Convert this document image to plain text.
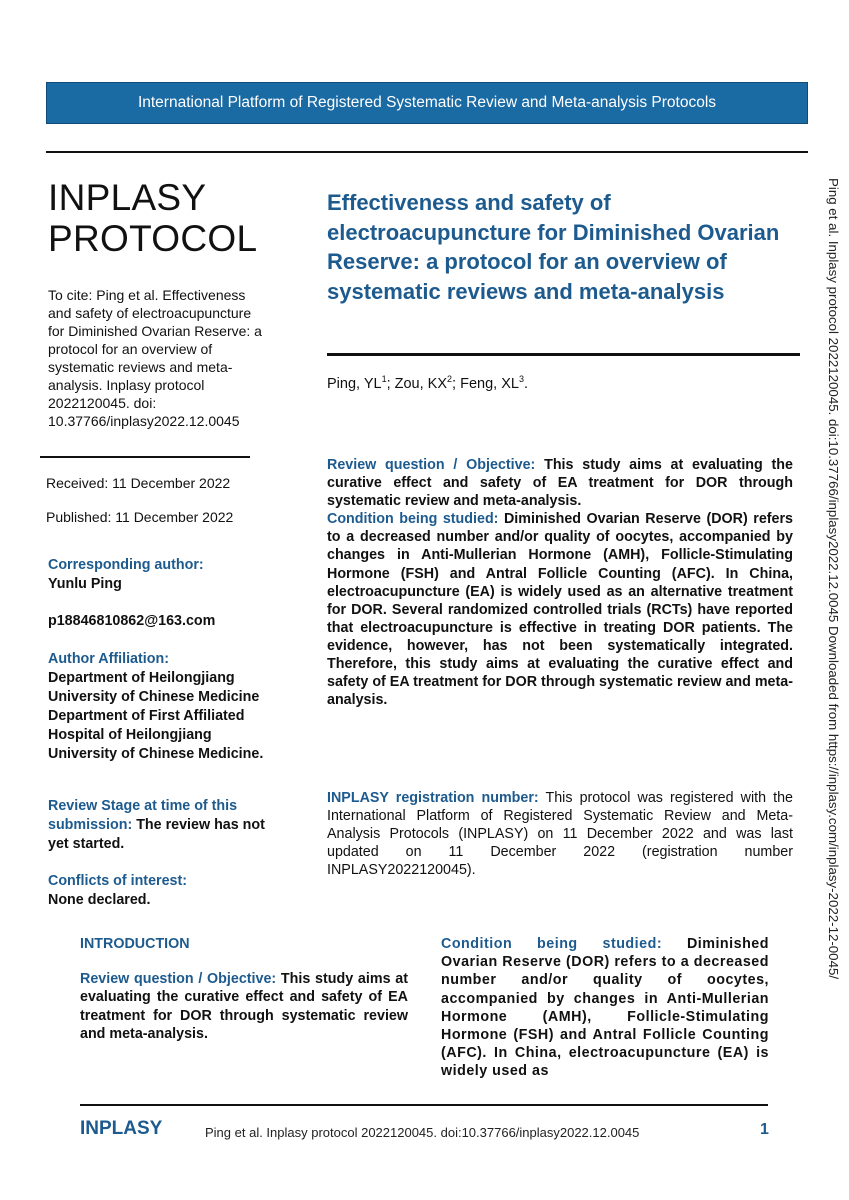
International Platform of Registered Systematic Review and Meta-analysis Protocols
INPLASY
PROTOCOL
To cite: Ping et al. Effectiveness and safety of electroacupuncture for Diminished Ovarian Reserve: a protocol for an overview of systematic reviews and meta-analysis. Inplasy protocol 2022120045. doi: 10.37766/inplasy2022.12.0045
Received: 11 December 2022
Published: 11 December 2022
Corresponding author:
Yunlu Ping
p18846810862@163.com
Author Affiliation:
Department of Heilongjiang University of Chinese Medicine Department of First Affiliated Hospital of Heilongjiang University of Chinese Medicine.
Review Stage at time of this submission: The review has not yet started.
Conflicts of interest:
None declared.
Effectiveness and safety of electroacupuncture for Diminished Ovarian Reserve: a protocol for an overview of systematic reviews and meta-analysis
Ping, $YL^1$; Zou, $KX^2$; Feng, $XL^3$.

Review question / Objective: This study aims at evaluating the curative effect and safety of EA treatment for DOR through systematic review and meta-analysis.

Condition being studied: Diminished Ovarian Reserve (DOR) refers to a decreased number and/or quality of oocytes, accompanied by changes in Anti-Mullerian Hormone (AMH), Follicle-Stimulating Hormone (FSH) and Antral Follicle Counting (AFC). In China, electroacupuncture (EA) is widely used as an alternative treatment for DOR. Several randomized controlled trials (RCTs) have reported that electroacupuncture is effective in treating DOR patients. The evidence, however, has not been systematically integrated. Therefore, this study aims at evaluating the curative effect and safety of EA treatment for DOR through systematic review and meta-analysis.

INPLASY registration number: This protocol was registered with the International Platform of Registered Systematic Review and Meta-Analysis Protocols (INPLASY) on 11 December 2022 and was last updated on 11 December 2022 (registration number INPLASY2022120045).

INTRODUCTION

Review question / Objective: This study aims at evaluating the curative effect and safety of EA treatment for DOR through systematic review and meta-analysis.

Condition being studied: Diminished Ovarian Reserve (DOR) refers to a decreased number and/or quality of oocytes, accompanied by changes in Anti-Mullerian Hormone (AMH), Follicle-Stimulating Hormone (FSH) and Antral Follicle Counting (AFC). In China, electroacupuncture (EA) is widely used as

INPLASY	Ping et al. Inplasy protocol 2022120045. doi:10.37766/inplasy2022.12.0045	1
Ping et al. Inplasy protocol 2022120045. doi:10.37766/inplasy2022.12.0045 Downloaded from https://inplasy.com/inplasy-2022-12-0045/
